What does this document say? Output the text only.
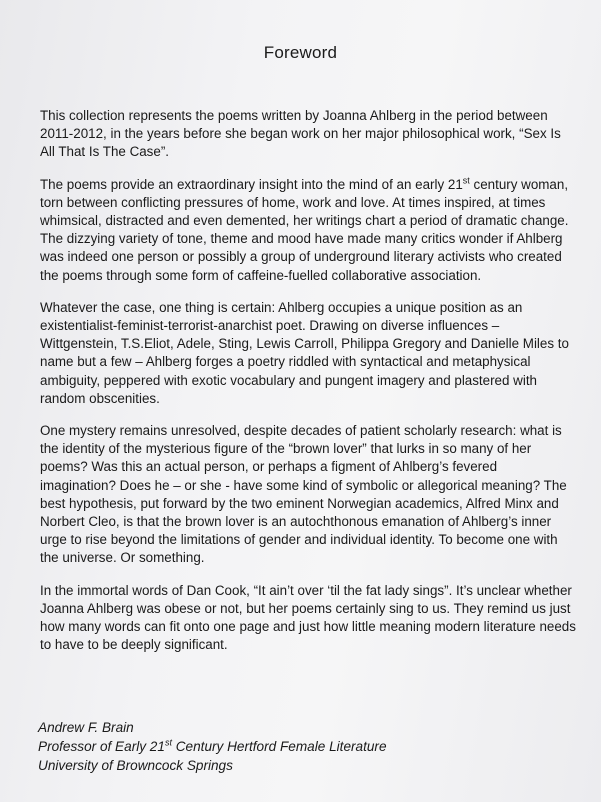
Foreword

This collection represents the poems written by Joanna Ahlberg in the period between 2011-2012, in the years before she began work on her major philosophical work, “Sex Is All That Is The Case”.

The poems provide an extraordinary insight into the mind of an early 21st century woman, torn between conflicting pressures of home, work and love. At times inspired, at times whimsical, distracted and even demented, her writings chart a period of dramatic change. The dizzying variety of tone, theme and mood have made many critics wonder if Ahlberg was indeed one person or possibly a group of underground literary activists who created the poems through some form of caffeine-fuelled collaborative association.

Whatever the case, one thing is certain: Ahlberg occupies a unique position as an existentialist-feminist-terrorist-anarchist poet. Drawing on diverse influences – Wittgenstein, T.S.Eliot, Adele, Sting, Lewis Carroll, Philippa Gregory and Danielle Miles to name but a few – Ahlberg forges a poetry riddled with syntactical and metaphysical ambiguity, peppered with exotic vocabulary and pungent imagery and plastered with random obscenities.

One mystery remains unresolved, despite decades of patient scholarly research: what is the identity of the mysterious figure of the “brown lover” that lurks in so many of her poems? Was this an actual person, or perhaps a figment of Ahlberg’s fevered imagination? Does he – or she - have some kind of symbolic or allegorical meaning? The best hypothesis, put forward by the two eminent Norwegian academics, Alfred Minx and Norbert Cleo, is that the brown lover is an autochthonous emanation of Ahlberg’s inner urge to rise beyond the limitations of gender and individual identity. To become one with the universe. Or something.

In the immortal words of Dan Cook, “It ain’t over ‘til the fat lady sings”. It’s unclear whether Joanna Ahlberg was obese or not, but her poems certainly sing to us. They remind us just how many words can fit onto one page and just how little meaning modern literature needs to have to be deeply significant.

Andrew F. Brain
Professor of Early 21st Century Hertford Female Literature
University of Browncock Springs
